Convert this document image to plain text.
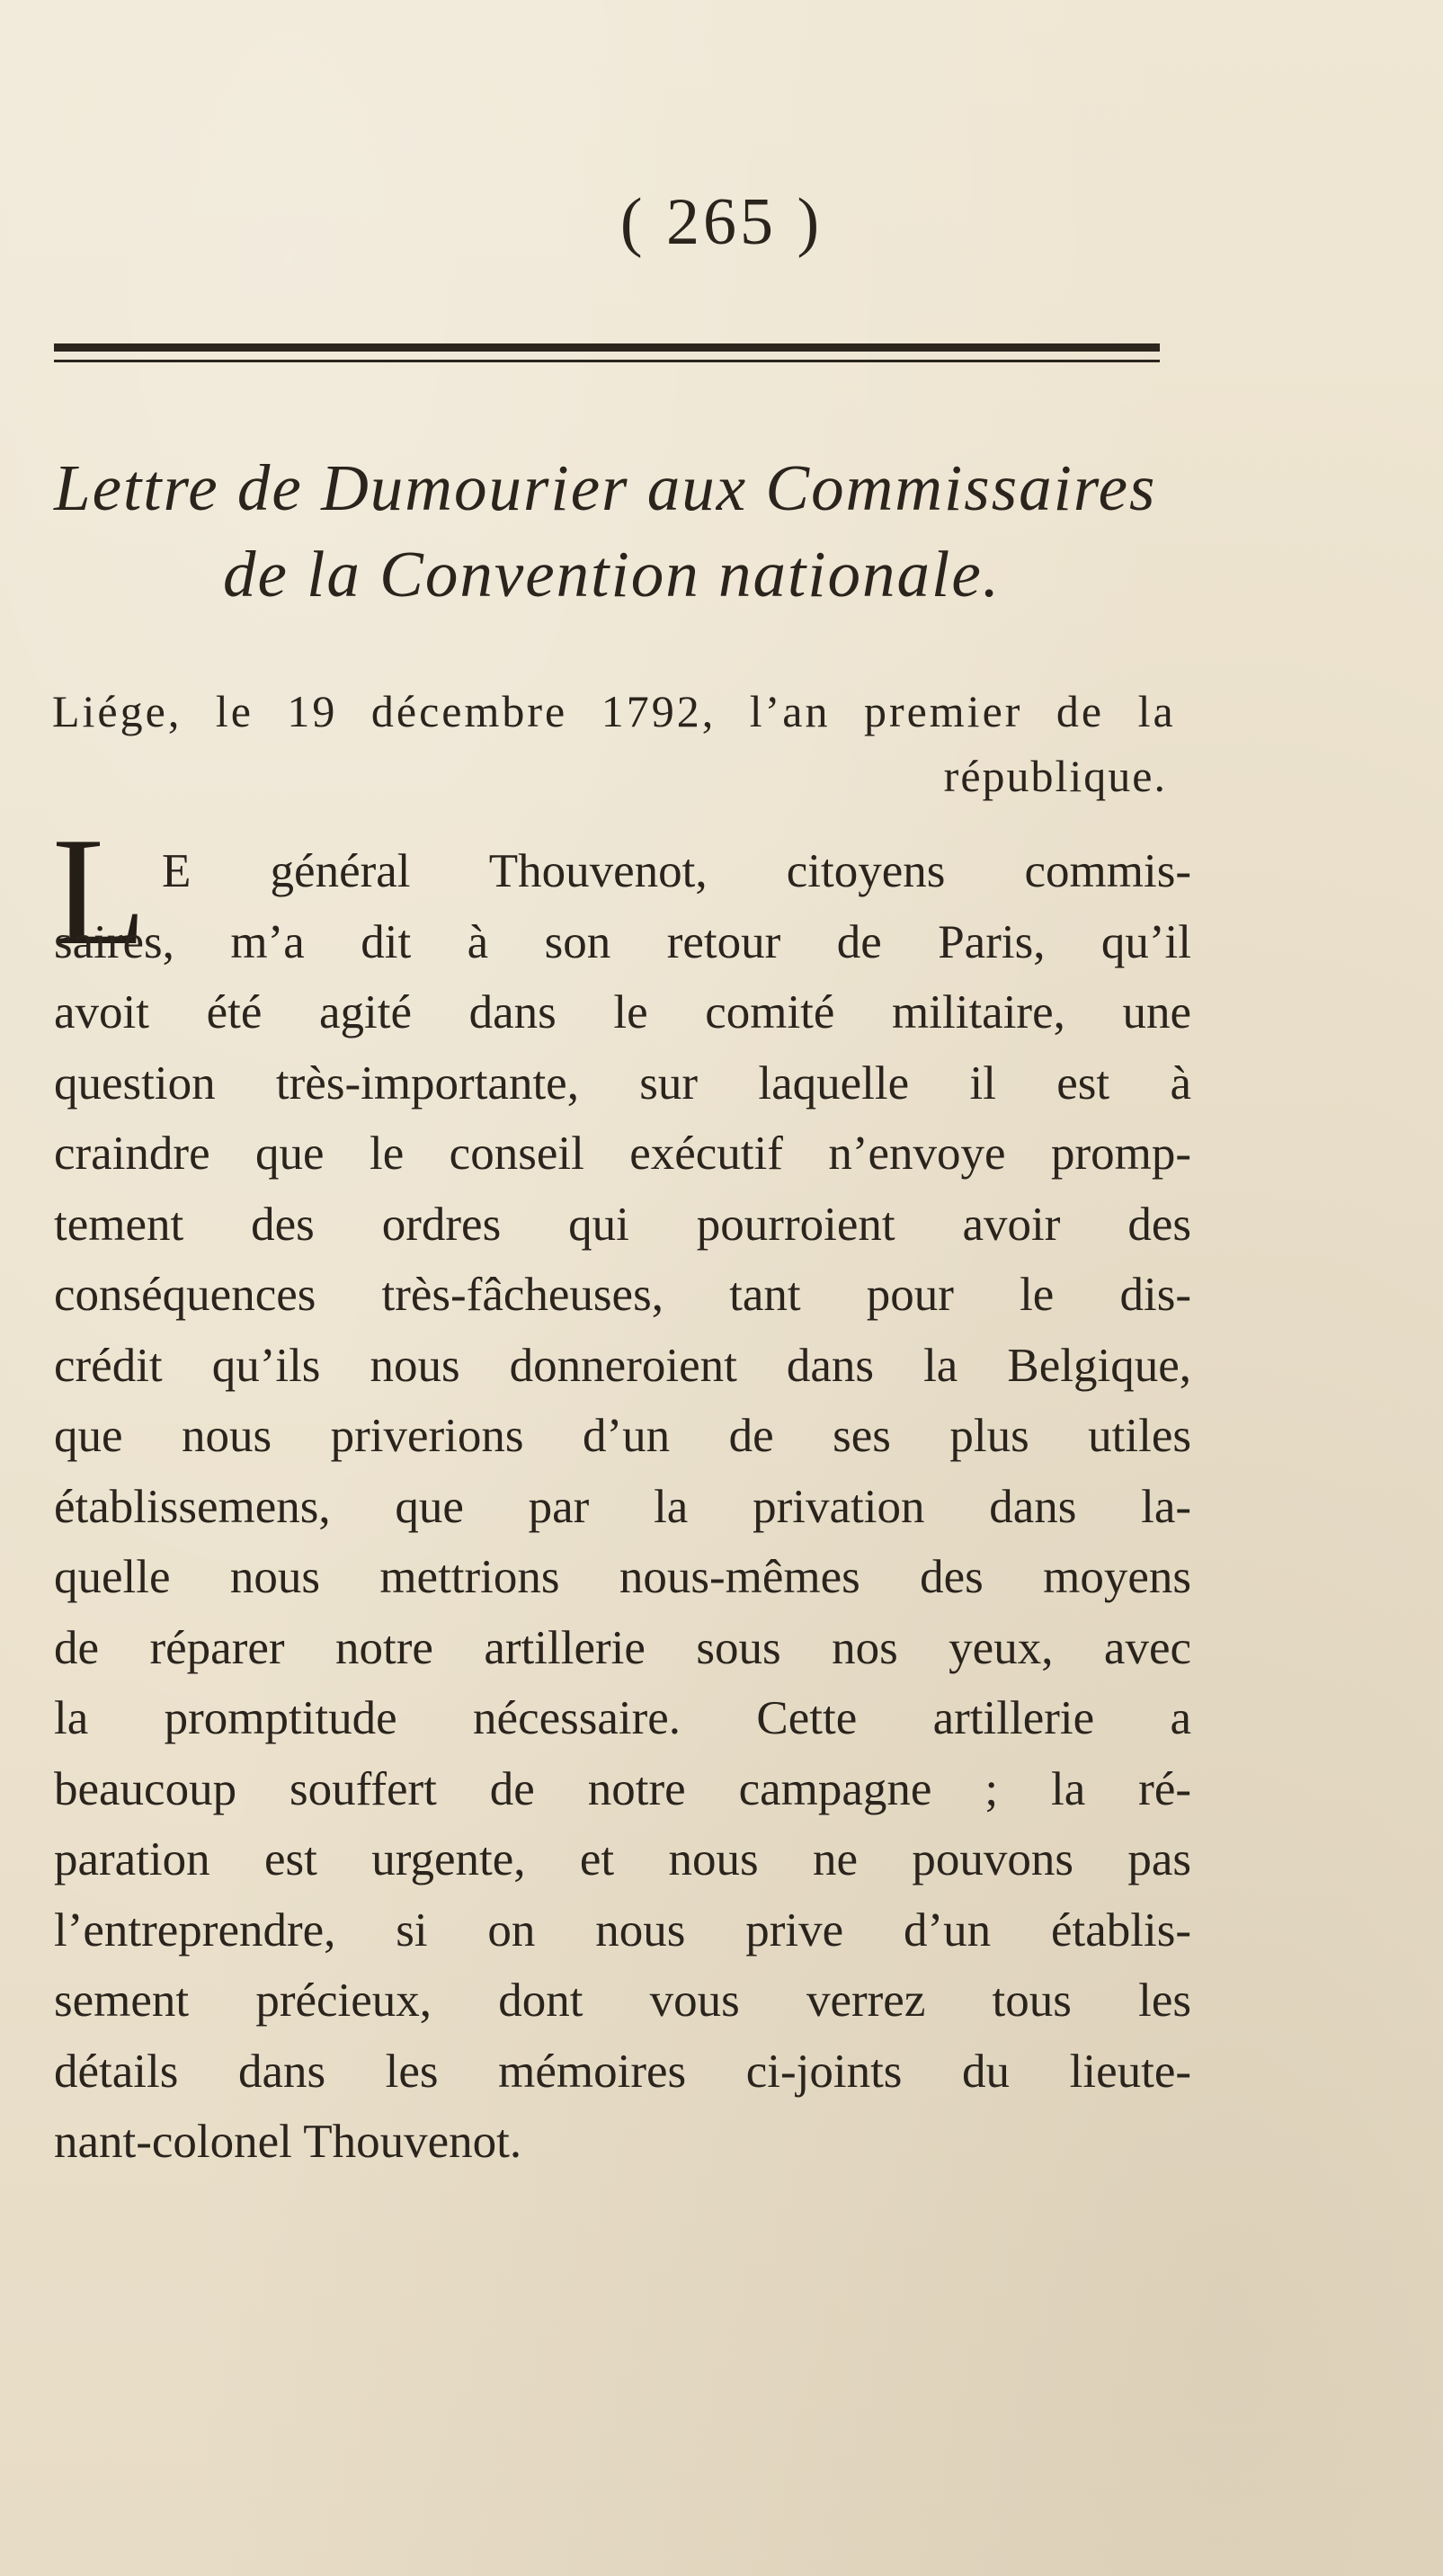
( 265 )
Lettre de Dumourier aux Commissaires
de la Convention nationale.
Liége, le 19 décembre 1792, l’an premier de la
république.
L E général Thouvenot, citoyens commis-
saires, m’a dit à son retour de Paris, qu’il
avoit été agité dans le comité militaire, une
question très-importante, sur laquelle il est à
craindre que le conseil exécutif n’envoye promp-
tement des ordres qui pourroient avoir des
conséquences très-fâcheuses, tant pour le dis-
crédit qu’ils nous donneroient dans la Belgique,
que nous priverions d’un de ses plus utiles
établissemens, que par la privation dans la-
quelle nous mettrions nous-mêmes des moyens
de réparer notre artillerie sous nos yeux, avec
la promptitude nécessaire. Cette artillerie a
beaucoup souffert de notre campagne ; la ré-
paration est urgente, et nous ne pouvons pas
l’entreprendre, si on nous prive d’un établis-
sement précieux, dont vous verrez tous les
détails dans les mémoires ci-joints du lieute-
nant-colonel Thouvenot.
